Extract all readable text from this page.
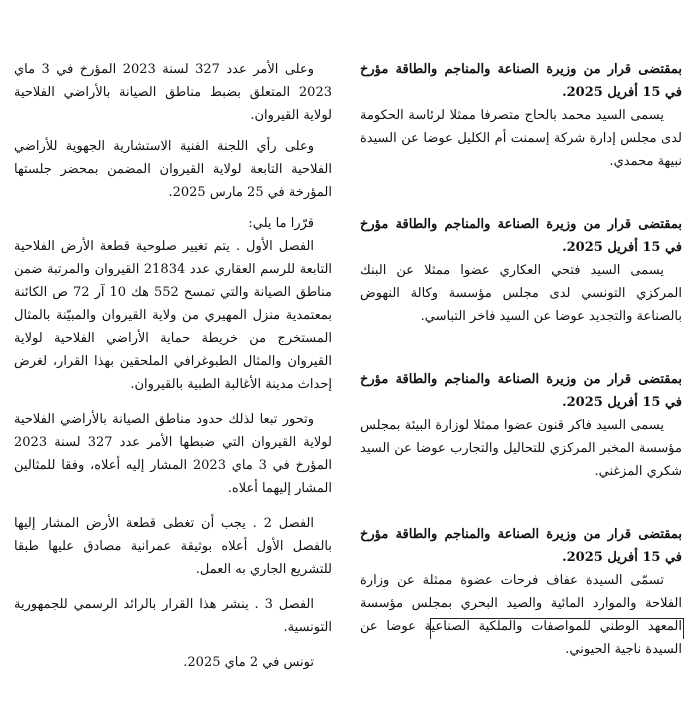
بمقتضى قرار من وزيرة الصناعة والمناجم والطاقة مؤرخ في 15 أفريل 2025.

يسمى السيد محمد بالحاج متصرفا ممثلا لرئاسة الحكومة لدى مجلس إدارة شركة إسمنت أم الكليل عوضا عن السيدة نبيهة محمدي.

بمقتضى قرار من وزيرة الصناعة والمناجم والطاقة مؤرخ في 15 أفريل 2025.

يسمى السيد فتحي العكاري عضوا ممثلا عن البنك المركزي التونسي لدى مجلس مؤسسة وكالة النهوض بالصناعة والتجديد عوضا عن السيد فاخر التباسي.

بمقتضى قرار من وزيرة الصناعة والمناجم والطاقة مؤرخ في 15 أفريل 2025.

يسمى السيد فاكر قنون عضوا ممثلا لوزارة البيئة بمجلس مؤسسة المخبر المركزي للتحاليل والتجارب عوضا عن السيد شكري المزغني.

بمقتضى قرار من وزيرة الصناعة والمناجم والطاقة مؤرخ في 15 أفريل 2025.

تسمّى السيدة عفاف فرحات عضوة ممثلة عن وزارة الفلاحة والموارد المائية والصيد البحري بمجلس مؤسسة المعهد الوطني للمواصفات والملكية الصناعية عوضا عن السيدة ناجية الحيوني.

وعلى الأمر عدد 327 لسنة 2023 المؤرخ في 3 ماي 2023 المتعلق بضبط مناطق الصيانة بالأراضي الفلاحية لولاية القيروان.

وعلى رأي اللجنة الفنية الاستشارية الجهوية للأراضي الفلاحية التابعة لولاية القيروان المضمن بمحضر جلستها المؤرخة في 25 مارس 2025.

قرّرا ما يلي:

الفصل الأول . يتم تغيير صلوحية قطعة الأرض الفلاحية التابعة للرسم العقاري عدد 21834 القيروان والمرتبة ضمن مناطق الصيانة والتي تمسح 552 هك 10 آر 72 ص الكائنة بمعتمدية منزل المهيري من ولاية القيروان والمبيّنة بالمثال المستخرج من خريطة حماية الأراضي الفلاحية لولاية القيروان والمثال الطبوغرافي الملحقين بهذا القرار، لغرض إحداث مدينة الأغالبة الطبية بالقيروان.

وتحور تبعا لذلك حدود مناطق الصيانة بالأراضي الفلاحية لولاية القيروان التي ضبطها الأمر عدد 327 لسنة 2023 المؤرخ في 3 ماي 2023 المشار إليه أعلاه، وفقا للمثالين المشار إليهما أعلاه.

الفصل 2 . يجب أن تغطى قطعة الأرض المشار إليها بالفصل الأول أعلاه بوثيقة عمرانية مصادق عليها طبقا للتشريع الجاري به العمل.

الفصل 3 . ينشر هذا القرار بالرائد الرسمي للجمهورية التونسية.

تونس في 2 ماي 2025.
